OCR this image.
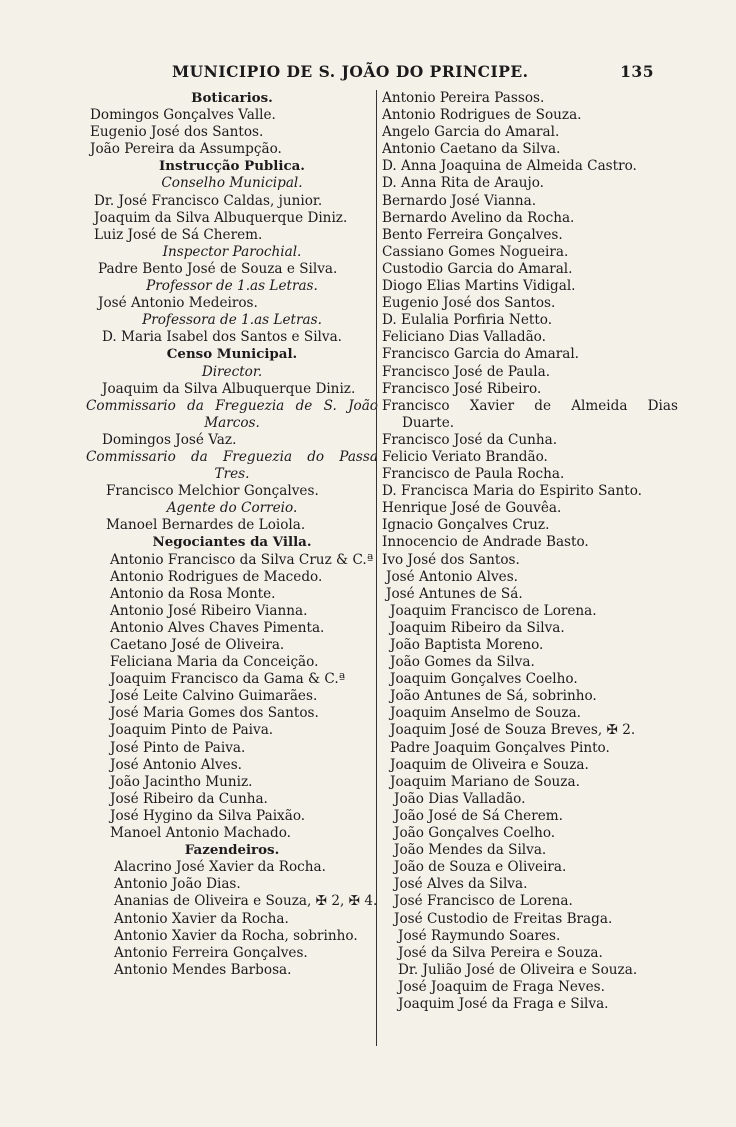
MUNICIPIO DE S. JOÃO DO PRINCIPE.	135
Boticarios.
Domingos Gonçalves Valle.
Eugenio José dos Santos.
João Pereira da Assumpção.
Instrucção Publica.
Conselho Municipal.
Dr. José Francisco Caldas, junior.
Joaquim da Silva Albuquerque Diniz.
Luiz José de Sá Cherem.
Inspector Parochial.
Padre Bento José de Souza e Silva.
Professor de 1.as Letras.
José Antonio Medeiros.
Professora de 1.as Letras.
D. Maria Isabel dos Santos e Silva.
Censo Municipal.
Director.
Joaquim da Silva Albuquerque Diniz.
Commissario da Freguezia de S. João
Marcos.
Domingos José Vaz.
Commissario da Freguezia do Passa
Tres.
Francisco Melchior Gonçalves.
Agente do Correio.
Manoel Bernardes de Loiola.
Negociantes da Villa.
Antonio Francisco da Silva Cruz & C.ª
Antonio Rodrigues de Macedo.
Antonio da Rosa Monte.
Antonio José Ribeiro Vianna.
Antonio Alves Chaves Pimenta.
Caetano José de Oliveira.
Feliciana Maria da Conceição.
Joaquim Francisco da Gama & C.ª
José Leite Calvino Guimarães.
José Maria Gomes dos Santos.
Joaquim Pinto de Paiva.
José Pinto de Paiva.
José Antonio Alves.
João Jacintho Muniz.
José Ribeiro da Cunha.
José Hygino da Silva Paixão.
Manoel Antonio Machado.
Fazendeiros.
Alacrino José Xavier da Rocha.
Antonio João Dias.
Ananias de Oliveira e Souza, ✠ 2, ✠ 4.
Antonio Xavier da Rocha.
Antonio Xavier da Rocha, sobrinho.
Antonio Ferreira Gonçalves.
Antonio Mendes Barbosa.
Antonio Pereira Passos.
Antonio Rodrigues de Souza.
Angelo Garcia do Amaral.
Antonio Caetano da Silva.
D. Anna Joaquina de Almeida Castro.
D. Anna Rita de Araujo.
Bernardo José Vianna.
Bernardo Avelino da Rocha.
Bento Ferreira Gonçalves.
Cassiano Gomes Nogueira.
Custodio Garcia do Amaral.
Diogo Elias Martins Vidigal.
Eugenio José dos Santos.
D. Eulalia Porfiria Netto.
Feliciano Dias Valladão.
Francisco Garcia do Amaral.
Francisco José de Paula.
Francisco José Ribeiro.
Francisco Xavier de Almeida Dias
Duarte.
Francisco José da Cunha.
Felicio Veriato Brandão.
Francisco de Paula Rocha.
D. Francisca Maria do Espirito Santo.
Henrique José de Gouvêa.
Ignacio Gonçalves Cruz.
Innocencio de Andrade Basto.
Ivo José dos Santos.
José Antonio Alves.
José Antunes de Sá.
Joaquim Francisco de Lorena.
Joaquim Ribeiro da Silva.
João Baptista Moreno.
João Gomes da Silva.
Joaquim Gonçalves Coelho.
João Antunes de Sá, sobrinho.
Joaquim Anselmo de Souza.
Joaquim José de Souza Breves, ✠ 2.
Padre Joaquim Gonçalves Pinto.
Joaquim de Oliveira e Souza.
Joaquim Mariano de Souza.
João Dias Valladão.
João José de Sá Cherem.
João Gonçalves Coelho.
João Mendes da Silva.
João de Souza e Oliveira.
José Alves da Silva.
José Francisco de Lorena.
José Custodio de Freitas Braga.
José Raymundo Soares.
José da Silva Pereira e Souza.
Dr. Julião José de Oliveira e Souza.
José Joaquim de Fraga Neves.
Joaquim José da Fraga e Silva.
